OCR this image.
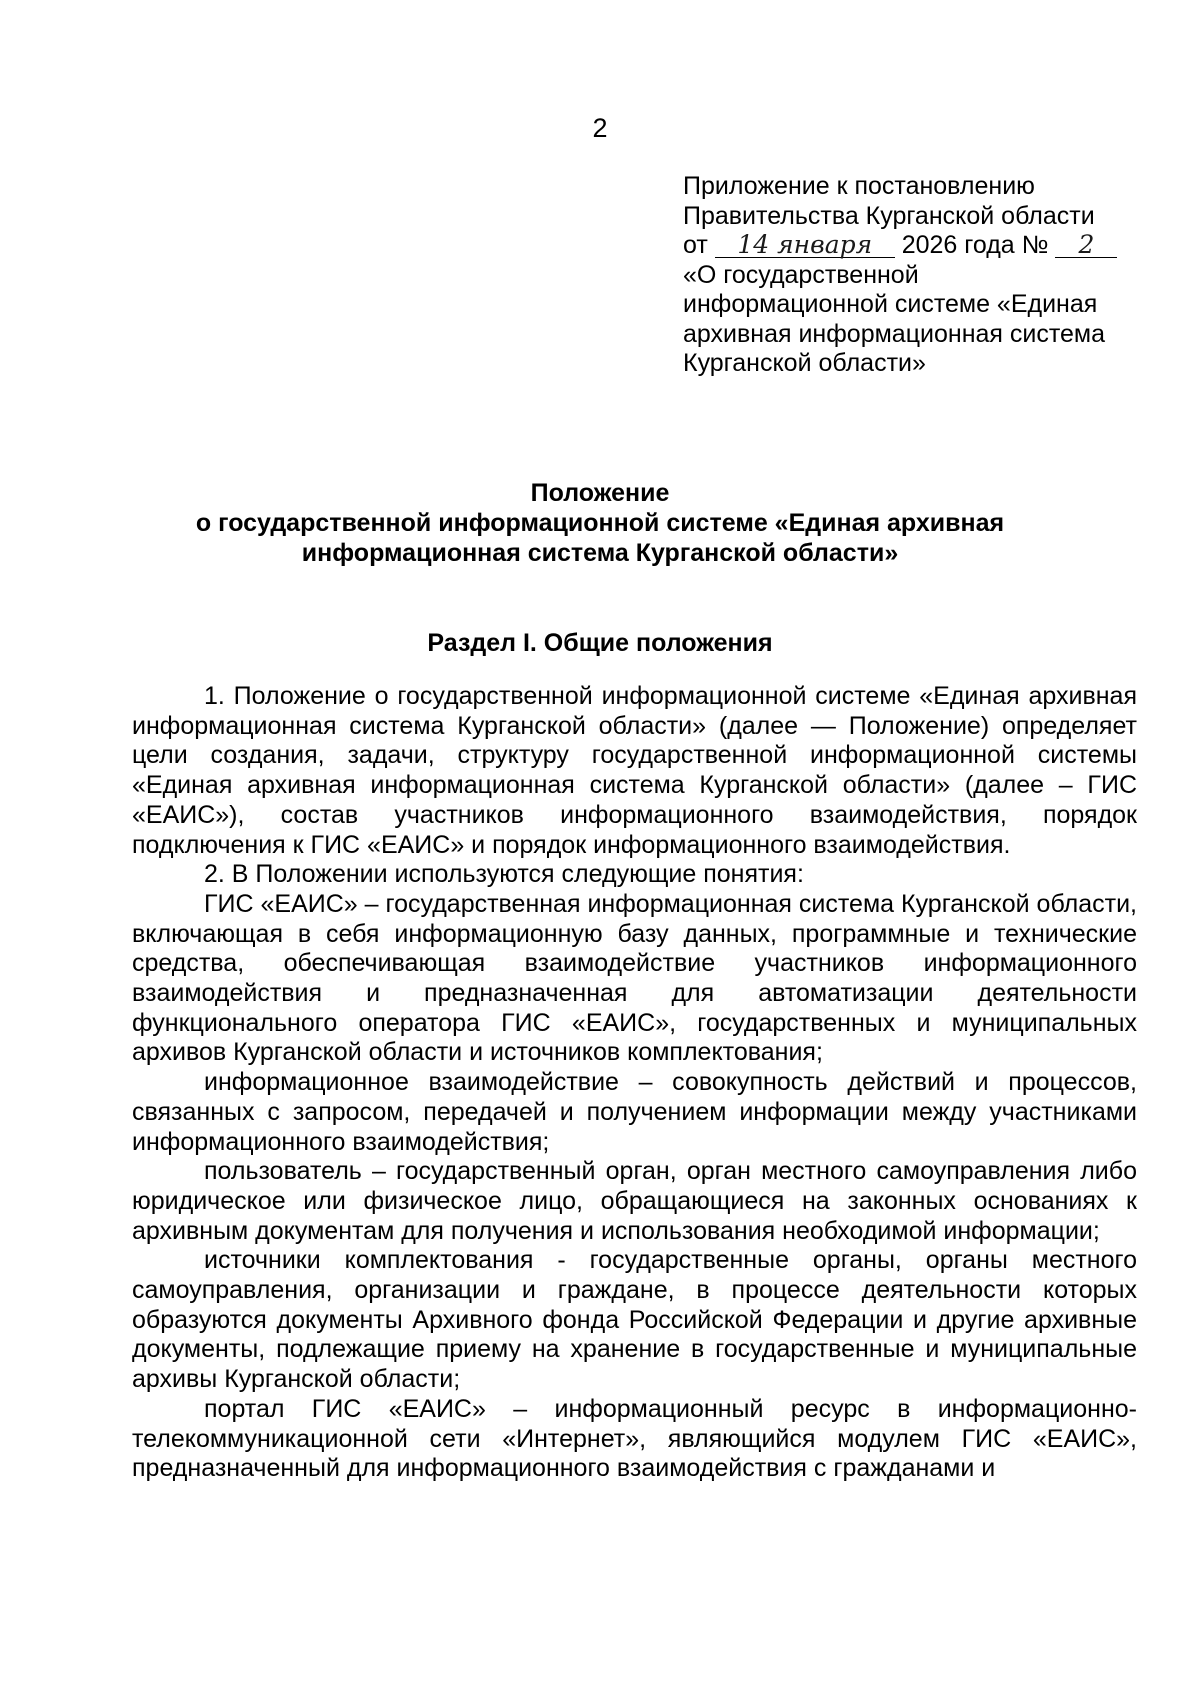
2
Приложение к постановлению
Правительства Курганской области
от 14 января 2026 года № 2
«О государственной
информационной системе «Единая
архивная информационная система
Курганской области»
Положение
о государственной информационной системе «Единая архивная
информационная система Курганской области»
Раздел I. Общие положения

1. Положение о государственной информационной системе «Единая архивная информационная система Курганской области» (далее — Положение) определяет цели создания, задачи, структуру государственной информационной системы «Единая архивная информационная система Курганской области» (далее – ГИС «ЕАИС»), состав участников информационного взаимодействия, порядок подключения к ГИС «ЕАИС» и порядок информационного взаимодействия.

2. В Положении используются следующие понятия:

ГИС «ЕАИС» – государственная информационная система Курганской области, включающая в себя информационную базу данных, программные и технические средства, обеспечивающая взаимодействие участников информационного взаимодействия и предназначенная для автоматизации деятельности функционального оператора ГИС «ЕАИС», государственных и муниципальных архивов Курганской области и источников комплектования;

информационное взаимодействие – совокупность действий и процессов, связанных с запросом, передачей и получением информации между участниками информационного взаимодействия;

пользователь – государственный орган, орган местного самоуправления либо юридическое или физическое лицо, обращающиеся на законных основаниях к архивным документам для получения и использования необходимой информации;

источники комплектования - государственные органы, органы местного самоуправления, организации и граждане, в процессе деятельности которых образуются документы Архивного фонда Российской Федерации и другие архивные документы, подлежащие приему на хранение в государственные и муниципальные архивы Курганской области;

портал ГИС «ЕАИС» – информационный ресурс в информационно-телекоммуникационной сети «Интернет», являющийся модулем ГИС «ЕАИС», предназначенный для информационного взаимодействия с гражданами и
